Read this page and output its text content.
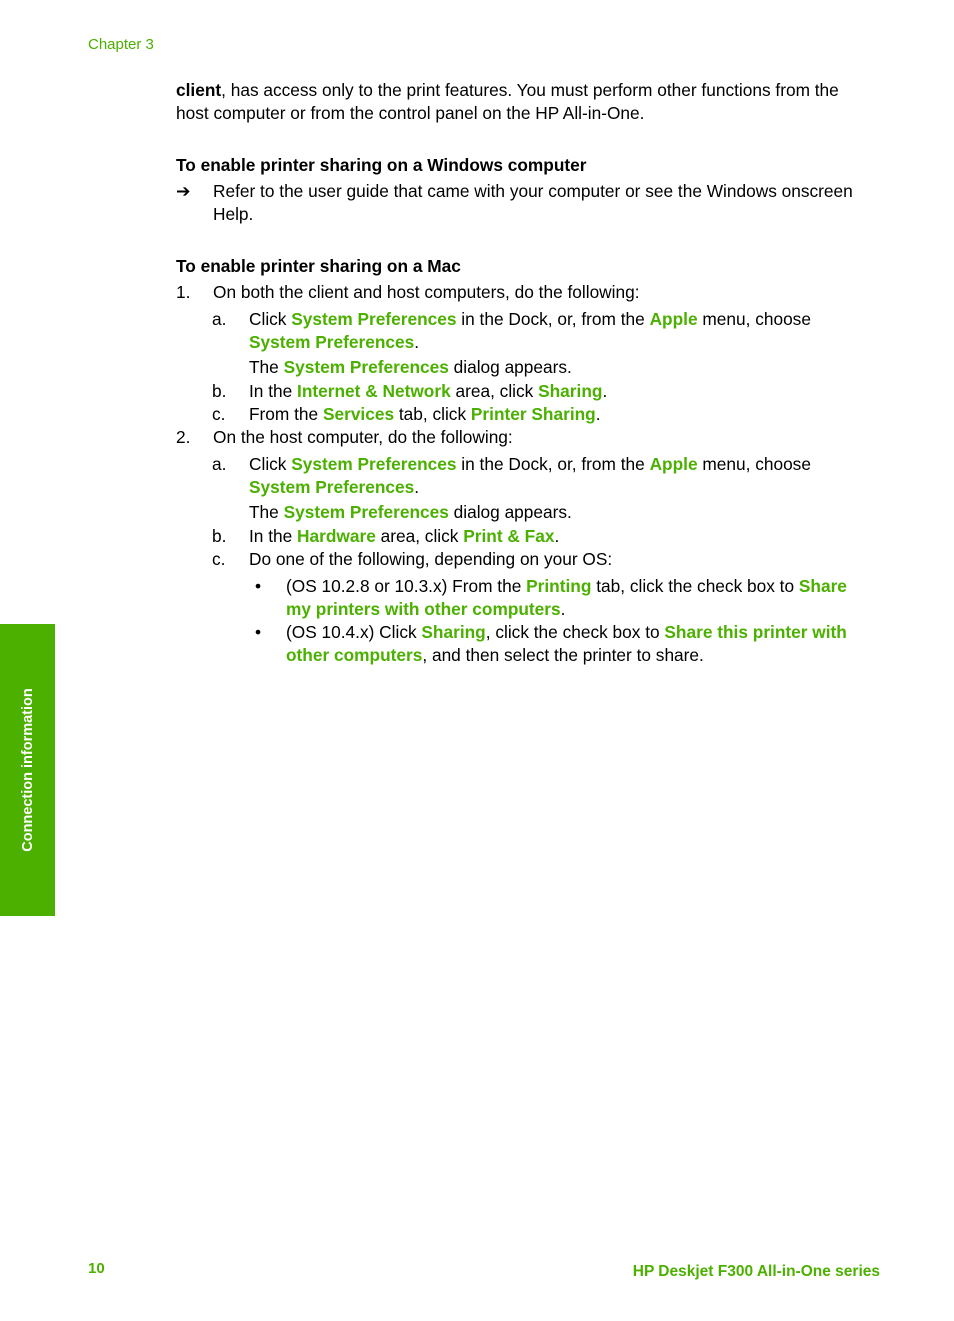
Chapter 3

client, has access only to the print features. You must perform other functions from the host computer or from the control panel on the HP All-in-One.

To enable printer sharing on a Windows computer

➔ Refer to the user guide that came with your computer or see the Windows onscreen Help.

To enable printer sharing on a Mac

1. On both the client and host computers, do the following:
a. Click System Preferences in the Dock, or, from the Apple menu, choose System Preferences.
The System Preferences dialog appears.
b. In the Internet & Network area, click Sharing.
c. From the Services tab, click Printer Sharing.
2. On the host computer, do the following:
a. Click System Preferences in the Dock, or, from the Apple menu, choose System Preferences.
The System Preferences dialog appears.
b. In the Hardware area, click Print & Fax.
c. Do one of the following, depending on your OS:
• (OS 10.2.8 or 10.3.x) From the Printing tab, click the check box to Share my printers with other computers.
• (OS 10.4.x) Click Sharing, click the check box to Share this printer with other computers, and then select the printer to share.
Connection information
10	HP Deskjet F300 All-in-One series
